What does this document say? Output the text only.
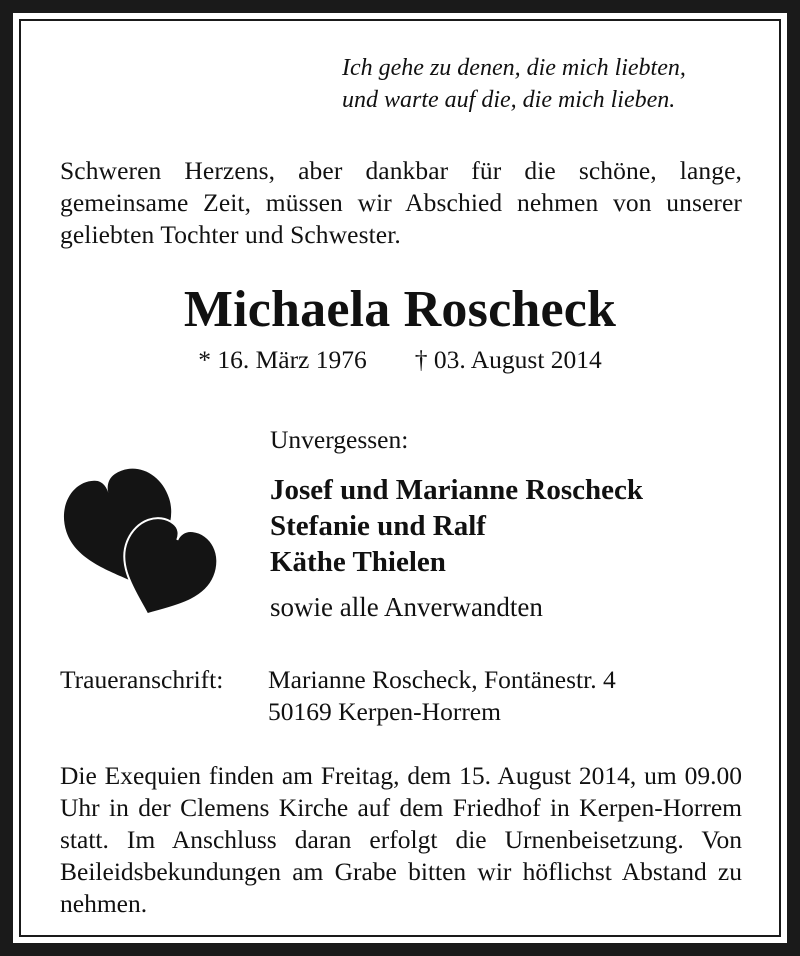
Ich gehe zu denen, die mich liebten,
und warte auf die, die mich lieben.
Schweren Herzens, aber dankbar für die schöne, lange, gemeinsame Zeit, müssen wir Abschied nehmen von unserer geliebten Tochter und Schwester.
Michaela Roscheck
* 16. März 1976 † 03. August 2014
Unvergessen:
Josef und Marianne Roscheck
Stefanie und Ralf
Käthe Thielen
sowie alle Anverwandten
Traueranschrift:	Marianne Roscheck, Fontänestr. 4
50169 Kerpen-Horrem
Die Exequien finden am Freitag, dem 15. August 2014, um 09.00 Uhr in der Clemens Kirche auf dem Friedhof in Kerpen-Horrem statt. Im Anschluss daran erfolgt die Urnenbeisetzung. Von Beileidsbekundungen am Grabe bitten wir höflichst Abstand zu nehmen.
